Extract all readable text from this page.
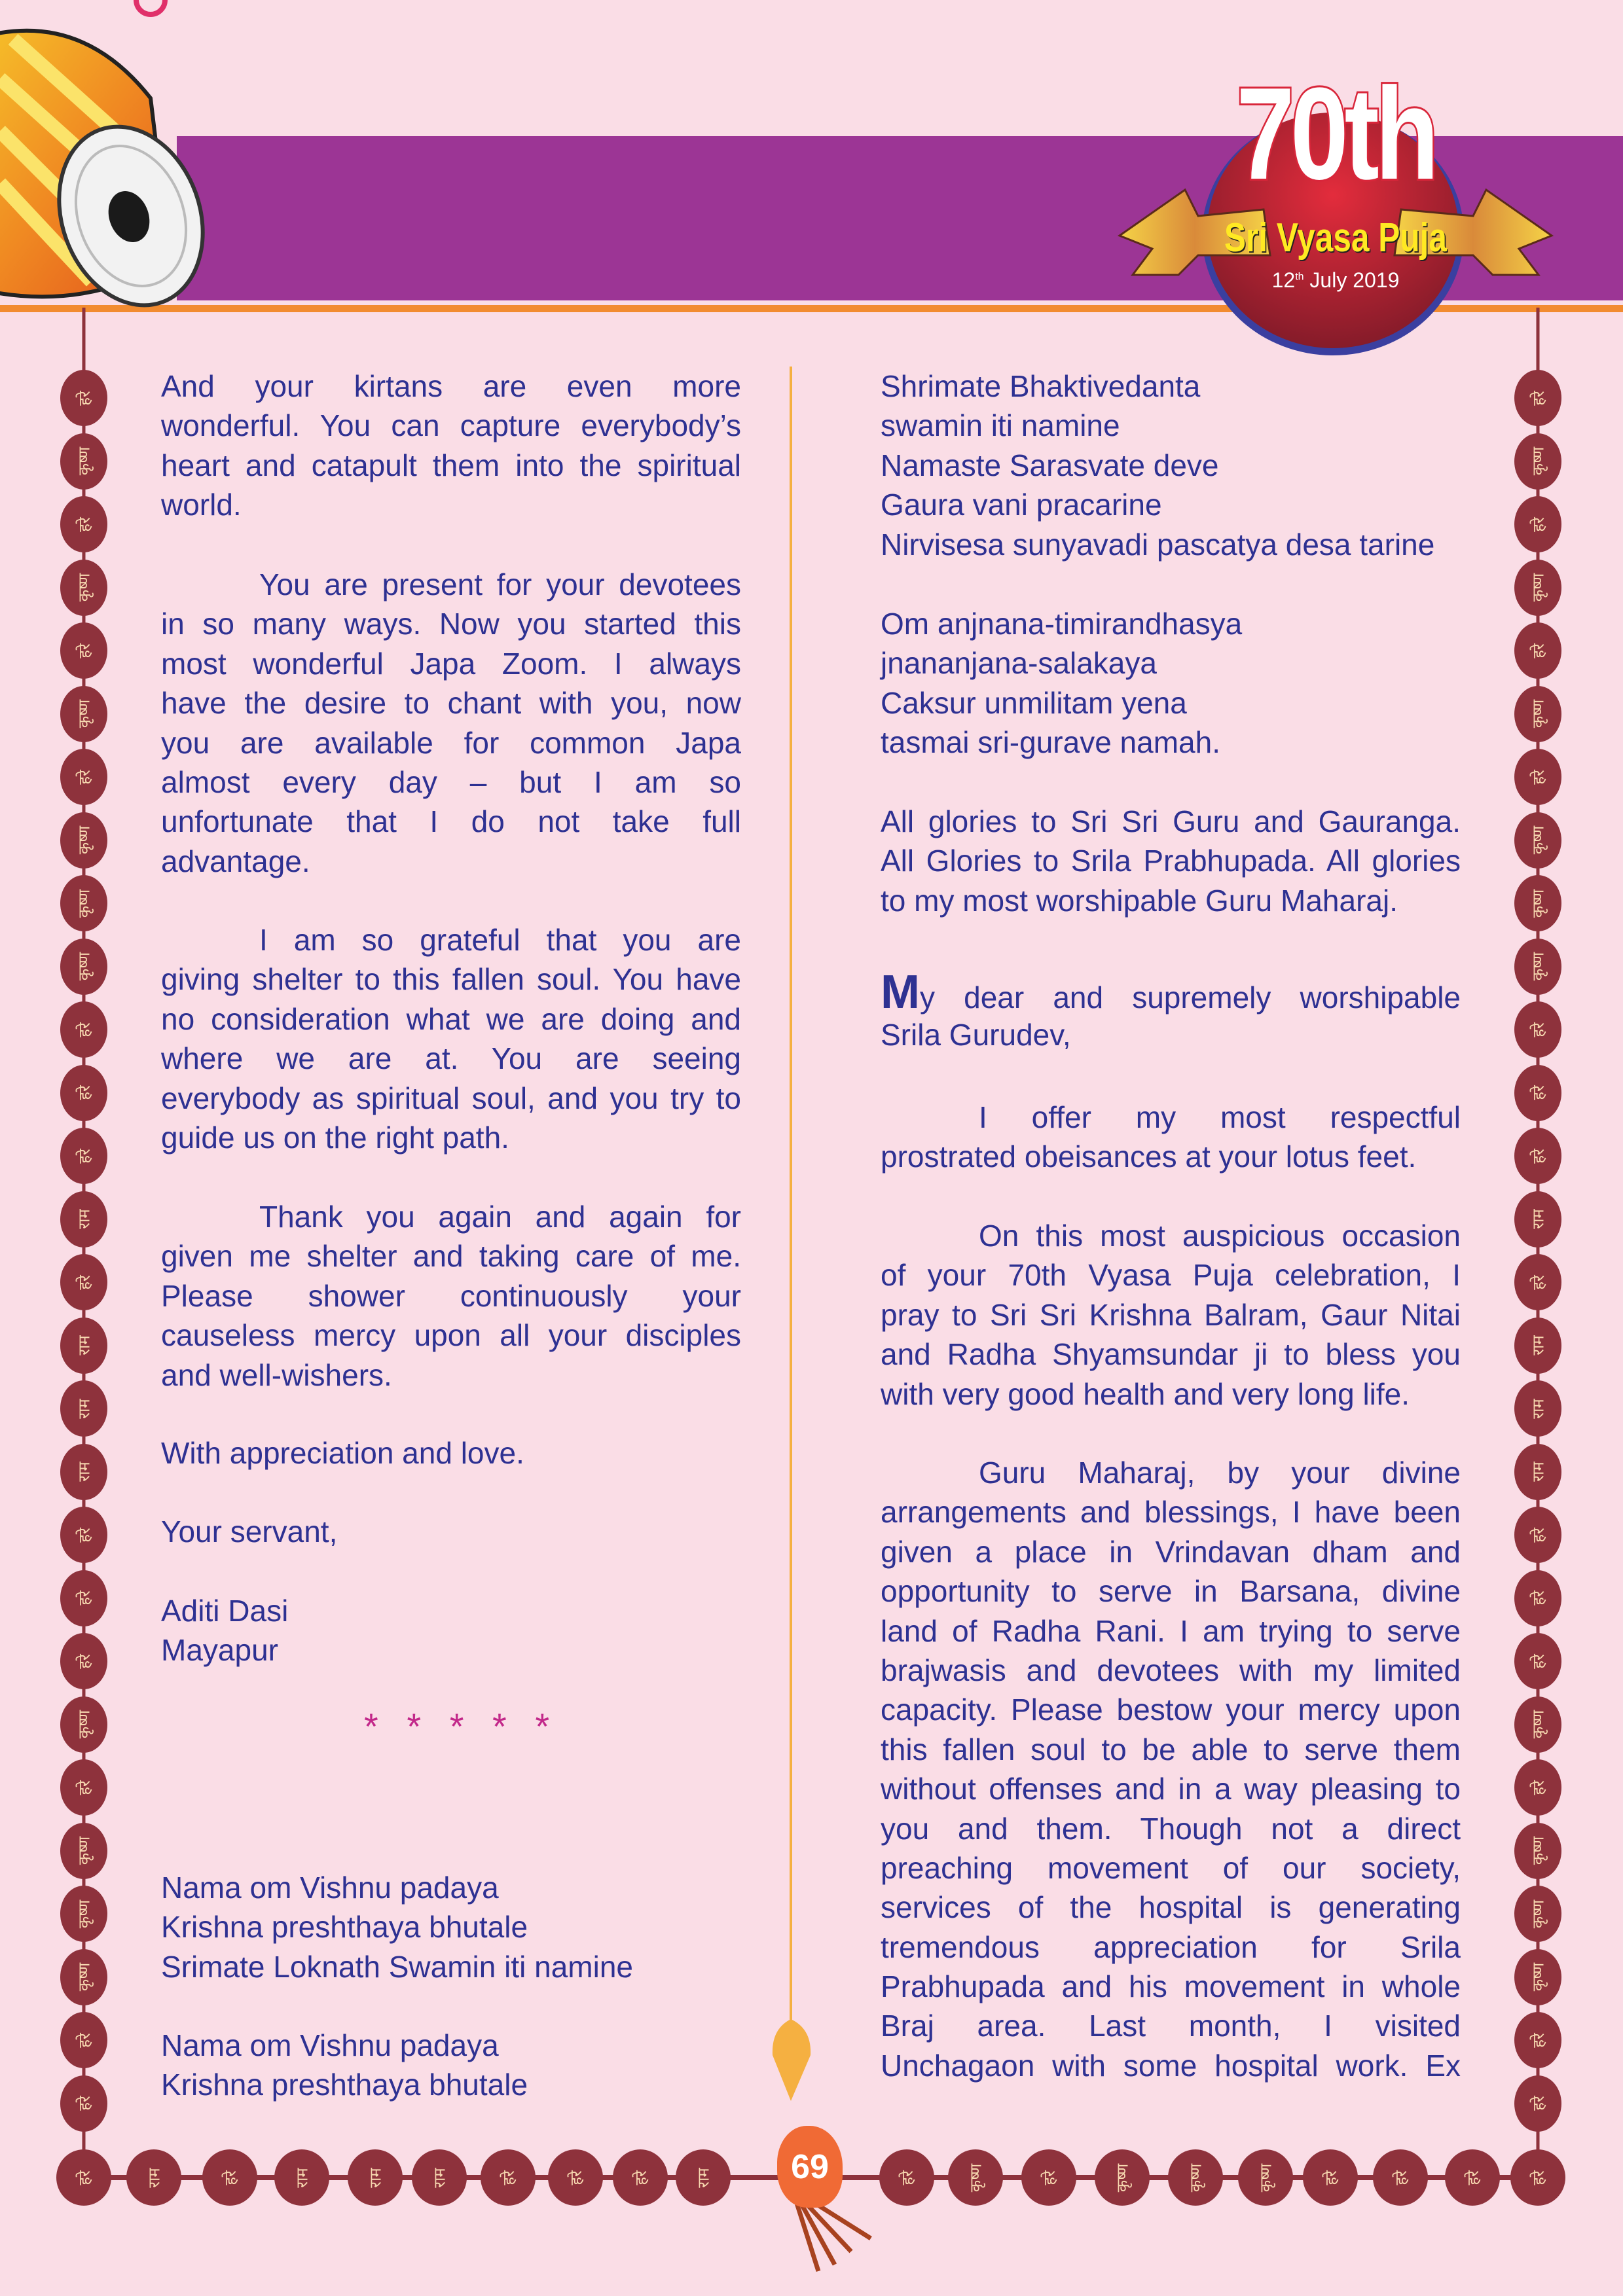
70th
Sri Vyasa Puja
12th July 2019
हरे
कृष्ण
हरे
कृष्ण
हरे
कृष्ण
हरे
कृष्ण
कृष्ण
कृष्ण
हरे
हरे
हरे
राम
हरे
राम
राम
राम
हरे
हरे
हरे
कृष्ण
हरे
कृष्ण
कृष्ण
कृष्ण
हरे
हरे
हरे
कृष्ण
हरे
कृष्ण
हरे
कृष्ण
हरे
कृष्ण
कृष्ण
कृष्ण
हरे
हरे
हरे
राम
हरे
राम
राम
राम
हरे
हरे
हरे
कृष्ण
हरे
कृष्ण
कृष्ण
कृष्ण
हरे
हरे
हरे	राम	हरे	राम	राम	राम	हरे	हरे	हरे	राम	हरे	कृष्ण	हरे	कृष्ण	कृष्ण	कृष्ण	हरे	हरे	हरे	हरे
69
And your kirtans are even more
wonderful. You can capture everybody’s
heart and catapult them into the spiritual
world.
You are present for your devotees
in so many ways. Now you started this
most wonderful Japa Zoom. I always
have the desire to chant with you, now
you are available for common Japa
almost every day – but I am so
unfortunate that I do not take full
advantage.
I am so grateful that you are
giving shelter to this fallen soul. You have
no consideration what we are doing and
where we are at. You are seeing
everybody as spiritual soul, and you try to
guide us on the right path.
Thank you again and again for
given me shelter and taking care of me.
Please shower continuously your
causeless mercy upon all your disciples
and well-wishers.
With appreciation and love.
Your servant,
Aditi Dasi
Mayapur
Nama om Vishnu padaya
Krishna preshthaya bhutale
Srimate Loknath Swamin iti namine
Nama om Vishnu padaya
Krishna preshthaya bhutale
Shrimate Bhaktivedanta
swamin iti namine
Namaste Sarasvate deve
Gaura vani pracarine
Nirvisesa sunyavadi pascatya desa tarine
Om anjnana-timirandhasya
jnananjana-salakaya
Caksur unmilitam yena
tasmai sri-gurave namah.
All glories to Sri Sri Guru and Gauranga.
All Glories to Srila Prabhupada. All glories
to my most worshipable Guru Maharaj.
My dear and supremely worshipable
Srila Gurudev,
I offer my most respectful
prostrated obeisances at your lotus feet.
On this most auspicious occasion
of your 70th Vyasa Puja celebration, I
pray to Sri Sri Krishna Balram, Gaur Nitai
and Radha Shyamsundar ji to bless you
with very good health and very long life.
Guru Maharaj, by your divine
arrangements and blessings, I have been
given a place in Vrindavan dham and
opportunity to serve in Barsana, divine
land of Radha Rani. I am trying to serve
brajwasis and devotees with my limited
capacity. Please bestow your mercy upon
this fallen soul to be able to serve them
without offenses and in a way pleasing to
you and them. Though not a direct
preaching movement of our society,
services of the hospital is generating
tremendous appreciation for Srila
Prabhupada and his movement in whole
Braj area. Last month, I visited
Unchagaon with some hospital work. Ex
* * * * *
